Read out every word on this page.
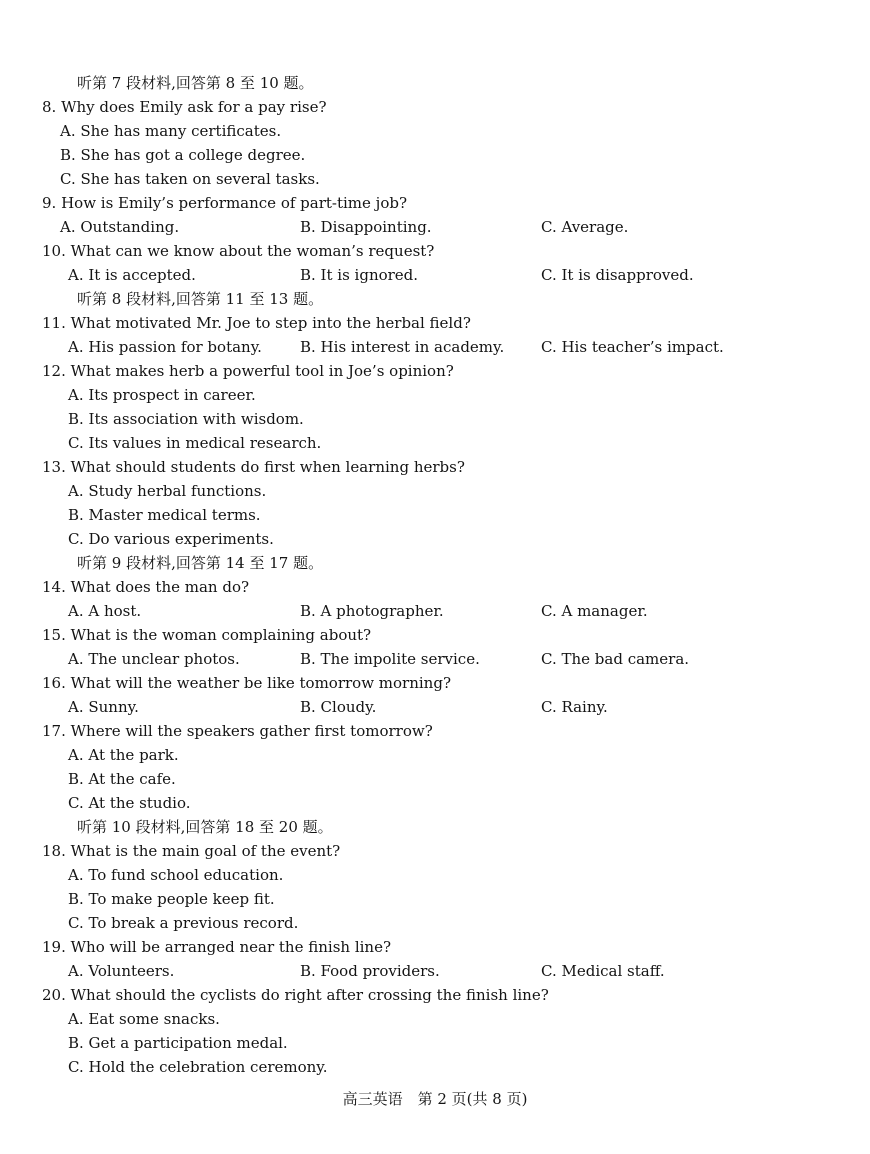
听第 7 段材料,回答第 8 至 10 题。
8. Why does Emily ask for a pay rise?
A. She has many certificates.
B. She has got a college degree.
C. She has taken on several tasks.
9. How is Emily’s performance of part-time job?
A. Outstanding.	B. Disappointing.	C. Average.
10. What can we know about the woman’s request?
A. It is accepted.	B. It is ignored.	C. It is disapproved.
听第 8 段材料,回答第 11 至 13 题。
11. What motivated Mr. Joe to step into the herbal field?
A. His passion for botany.	B. His interest in academy. C. His teacher’s impact.
12. What makes herb a powerful tool in Joe’s opinion?
A. Its prospect in career.
B. Its association with wisdom.
C. Its values in medical research.
13. What should students do first when learning herbs?
A. Study herbal functions.
B. Master medical terms.
C. Do various experiments.
听第 9 段材料,回答第 14 至 17 题。
14. What does the man do?
A. A host.	B. A photographer.	C. A manager.
15. What is the woman complaining about?
A. The unclear photos.	B. The impolite service.	C. The bad camera.
16. What will the weather be like tomorrow morning?
A. Sunny.	B. Cloudy.	C. Rainy.
17. Where will the speakers gather first tomorrow?
A. At the park.
B. At the cafe.
C. At the studio.
听第 10 段材料,回答第 18 至 20 题。
18. What is the main goal of the event?
A. To fund school education.
B. To make people keep fit.
C. To break a previous record.
19. Who will be arranged near the finish line?
A. Volunteers.	B. Food providers.	C. Medical staff.
20. What should the cyclists do right after crossing the finish line?
A. Eat some snacks.
B. Get a participation medal.
C. Hold the celebration ceremony.
高三英语　第 2 页(共 8 页)
